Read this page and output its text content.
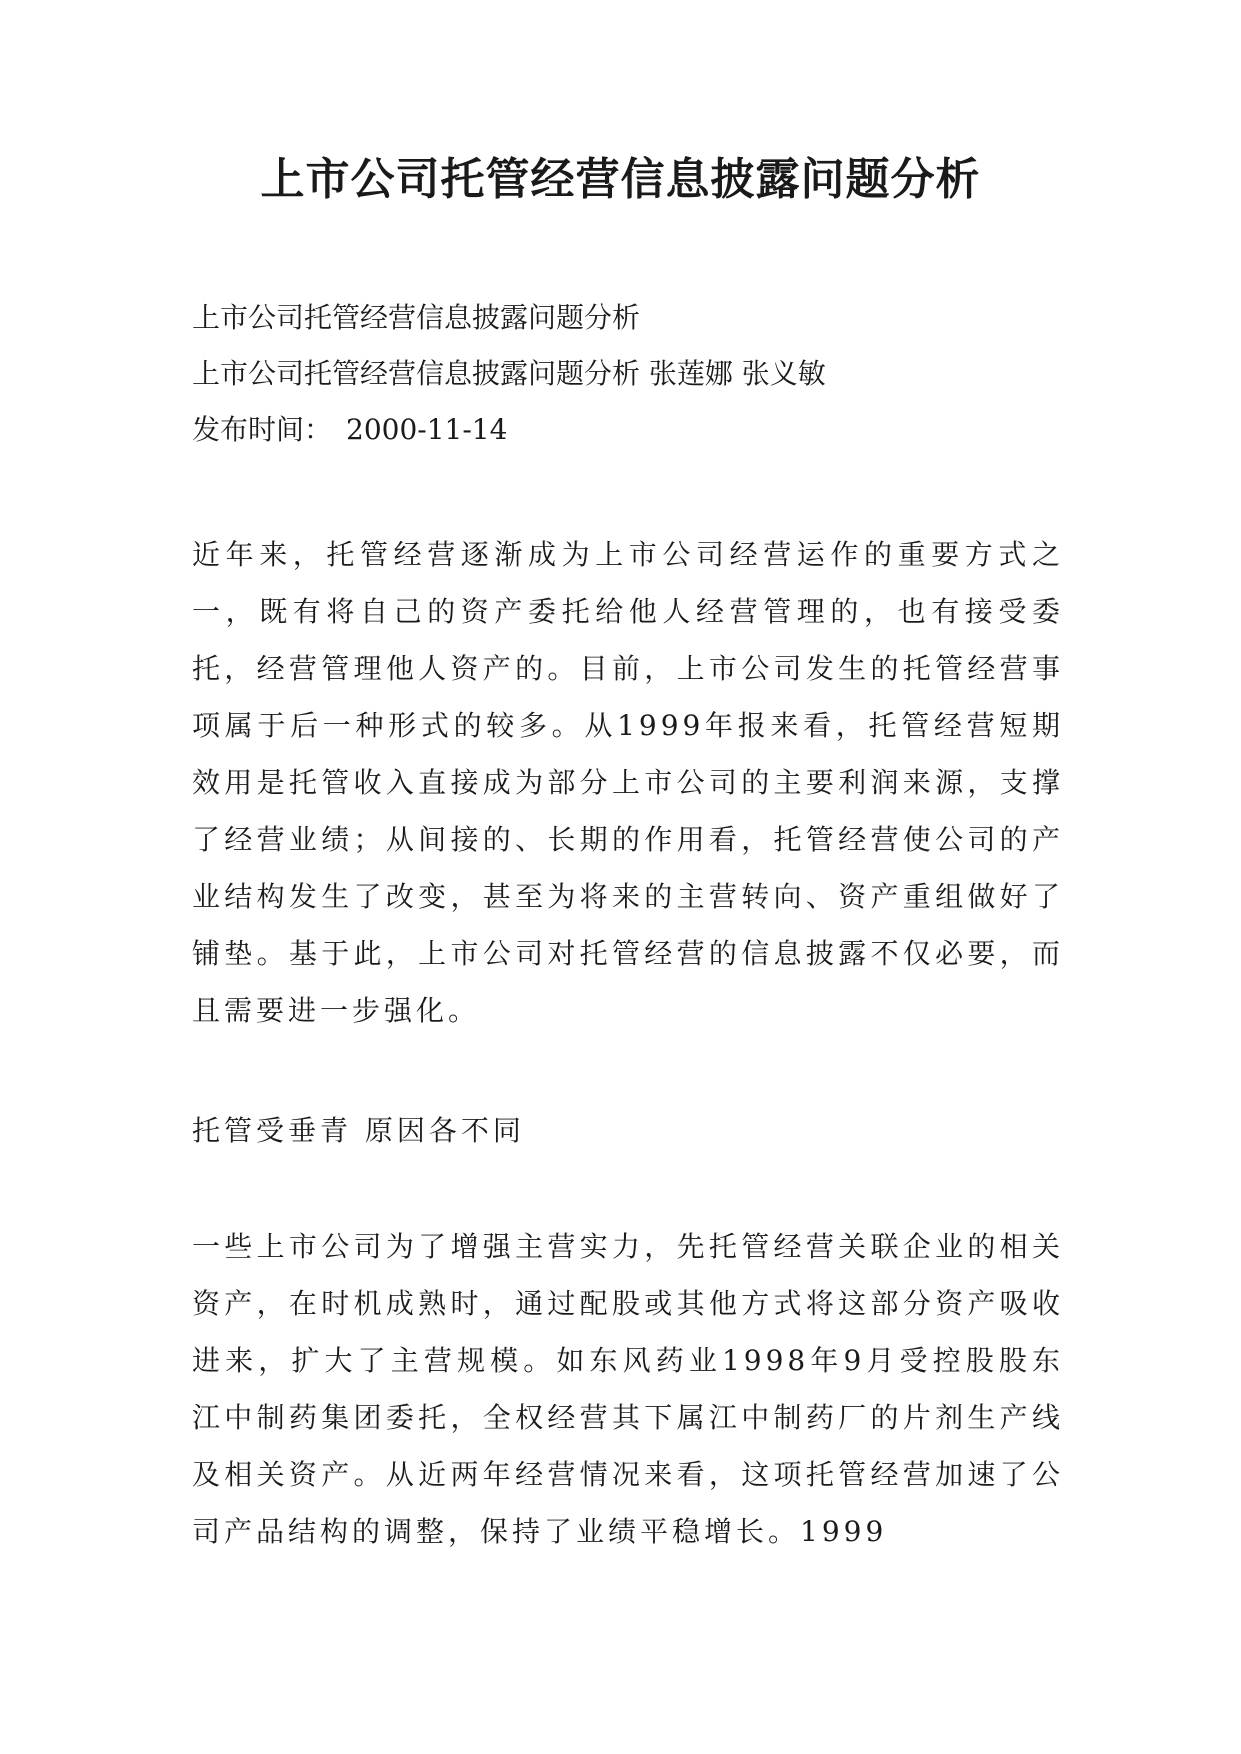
上市公司托管经营信息披露问题分析
上市公司托管经营信息披露问题分析
上市公司托管经营信息披露问题分析 张莲娜 张义敏
发布时间：　2000-11-14

近年来，托管经营逐渐成为上市公司经营运作的重要方式之一，既有将自己的资产委托给他人经营管理的，也有接受委托，经营管理他人资产的。目前，上市公司发生的托管经营事项属于后一种形式的较多。从1999年报来看，托管经营短期效用是托管收入直接成为部分上市公司的主要利润来源，支撑了经营业绩；从间接的、长期的作用看，托管经营使公司的产业结构发生了改变，甚至为将来的主营转向、资产重组做好了铺垫。基于此，上市公司对托管经营的信息披露不仅必要，而且需要进一步强化。

托管受垂青 原因各不同

一些上市公司为了增强主营实力，先托管经营关联企业的相关资产，在时机成熟时，通过配股或其他方式将这部分资产吸收进来，扩大了主营规模。如东风药业1998年9月受控股股东江中制药集团委托，全权经营其下属江中制药厂的片剂生产线及相关资产。从近两年经营情况来看，这项托管经营加速了公司产品结构的调整，保持了业绩平稳增长。1999
